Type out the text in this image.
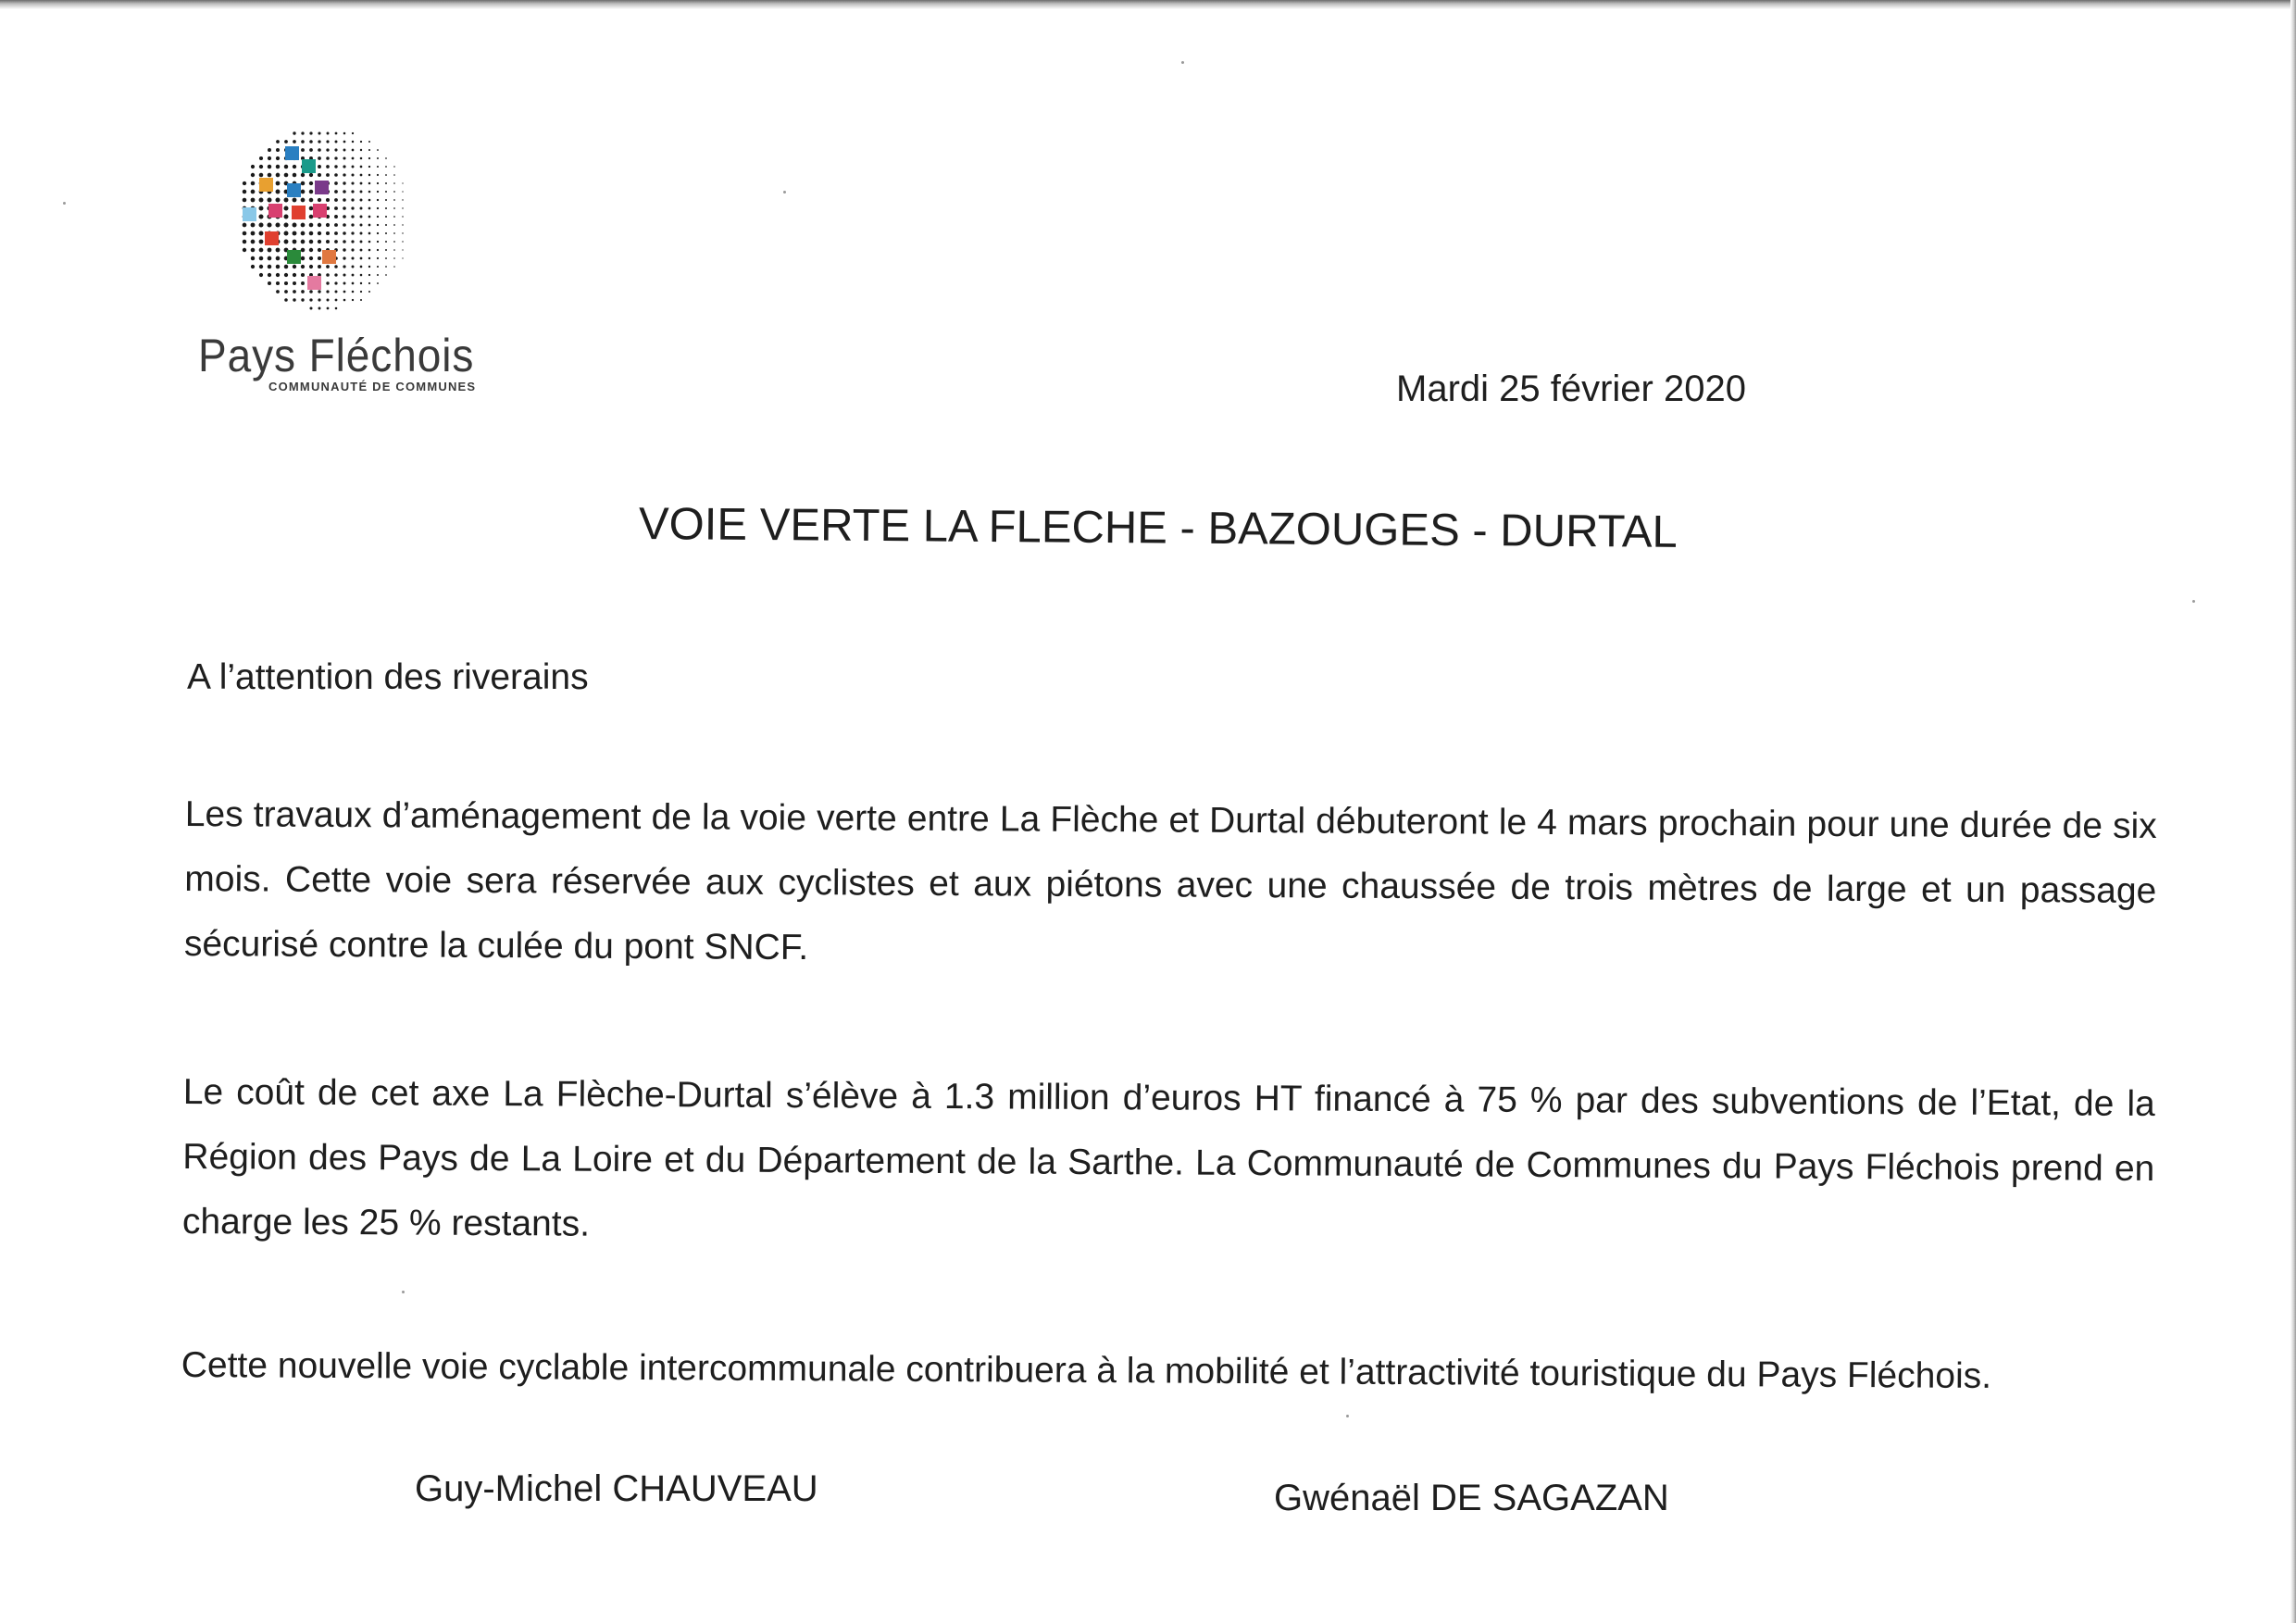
Pays Fléchois
COMMUNAUTÉ DE COMMUNES	Mardi 25 février 2020
VOIE VERTE LA FLECHE - BAZOUGES - DURTAL
A l’attention des riverains
Les travaux d’aménagement de la voie verte entre La Flèche et Durtal débuteront le 4 mars prochain pour une durée de six mois. Cette voie sera réservée aux cyclistes et aux piétons avec une chaussée de trois mètres de large et un passage sécurisé contre la culée du pont SNCF.
Le coût de cet axe La Flèche-Durtal s’élève à 1.3 million d’euros HT financé à 75 % par des subventions de l’Etat, de la Région des Pays de La Loire et du Département de la Sarthe. La Communauté de Communes du Pays Fléchois prend en charge les 25 % restants.
Cette nouvelle voie cyclable intercommunale contribuera à la mobilité et l’attractivité touristique du Pays Fléchois.
Guy-Michel CHAUVEAU	Gwénaël DE SAGAZAN
